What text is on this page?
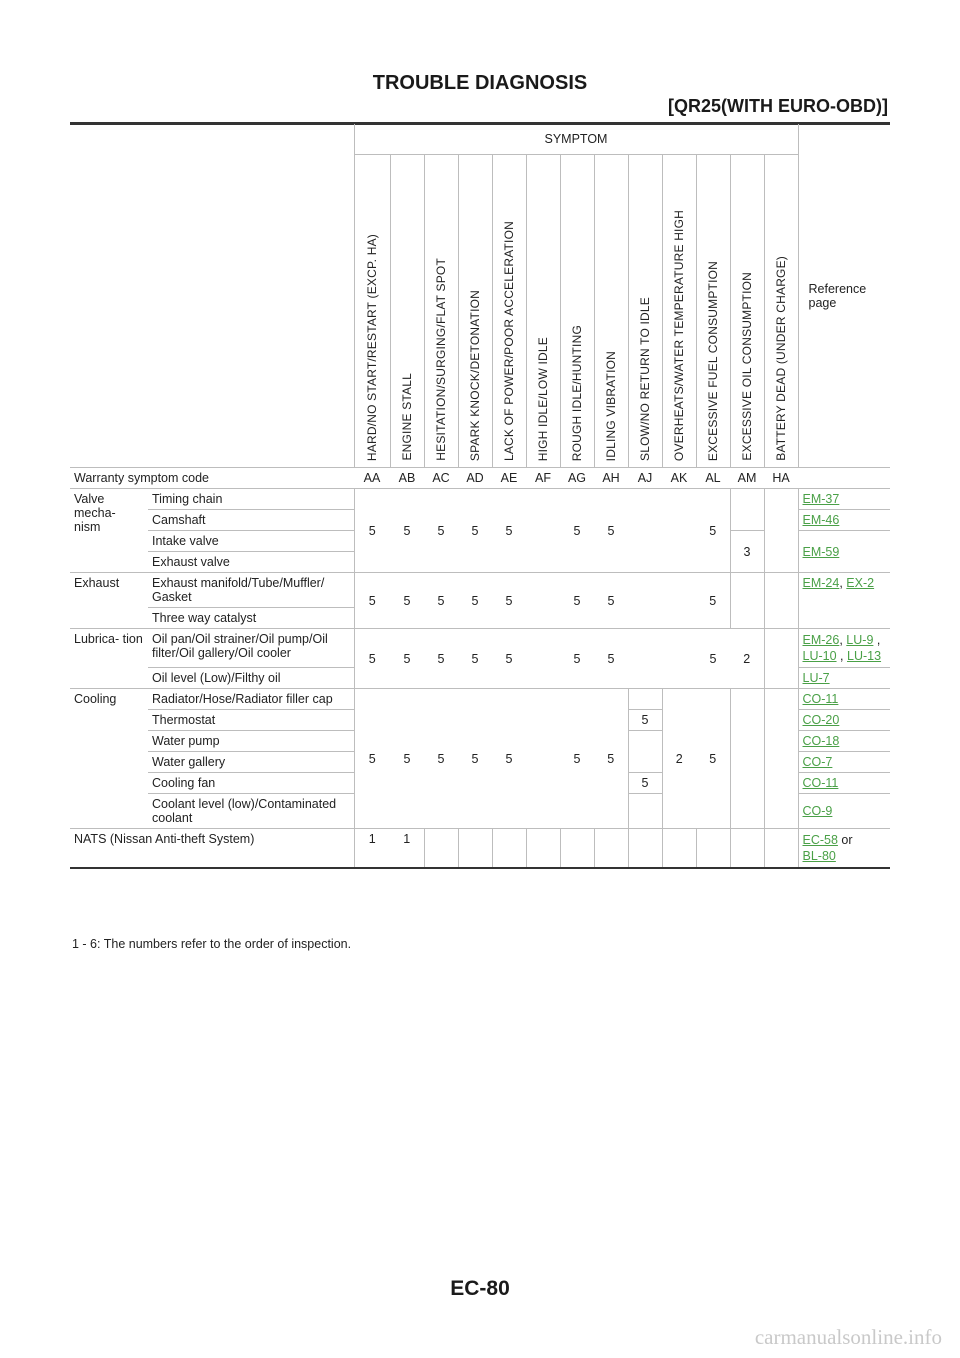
TROUBLE DIAGNOSIS
[QR25(WITH EURO-OBD)]
		SYMPTOM													Reference page

		HARD/NO START/RESTART (EXCP. HA)	ENGINE STALL	HESITATION/SURGING/FLAT SPOT	SPARK KNOCK/DETONATION	LACK OF POWER/POOR ACCELERATION	HIGH IDLE/LOW IDLE	ROUGH IDLE/HUNTING	IDLING VIBRATION	SLOW/NO RETURN TO IDLE	OVERHEATS/WATER TEMPERATURE HIGH	EXCESSIVE FUEL CONSUMPTION	EXCESSIVE OIL CONSUMPTION	BATTERY DEAD (UNDER CHARGE)	

Warranty symptom code		AA	AB	AC	AD	AE	AF	AG	AH	AJ	AK	AL	AM	HA	
Valve mecha- nism	Timing chain	5	5	5	5	5		5	5			5			EM-37
	Camshaft														EM-46
	Intake valve												3		EM-59
	Exhaust valve														
Exhaust	Exhaust manifold/Tube/Muffler/ Gasket	5	5	5	5	5		5	5			5			EM-24, EX-2
	Three way catalyst														
Lubrica- tion	Oil pan/Oil strainer/Oil pump/Oil filter/Oil gallery/Oil cooler	5	5	5	5	5		5	5			5	2		EM-26, LU-9 , LU-10 , LU-13
	Oil level (Low)/Filthy oil														LU-7
Cooling	Radiator/Hose/Radiator filler cap	5	5	5	5	5		5	5		2	5			CO-11
	Thermostat									5					CO-20
	Water pump														CO-18
	Water gallery														CO-7
	Cooling fan									5					CO-11
	Coolant level (low)/Contaminated coolant														CO-9
NATS (Nissan Anti-theft System)		1	1												EC-58 or
BL-80
1 - 6: The numbers refer to the order of inspection.
EC-80
carmanualsonline.info
